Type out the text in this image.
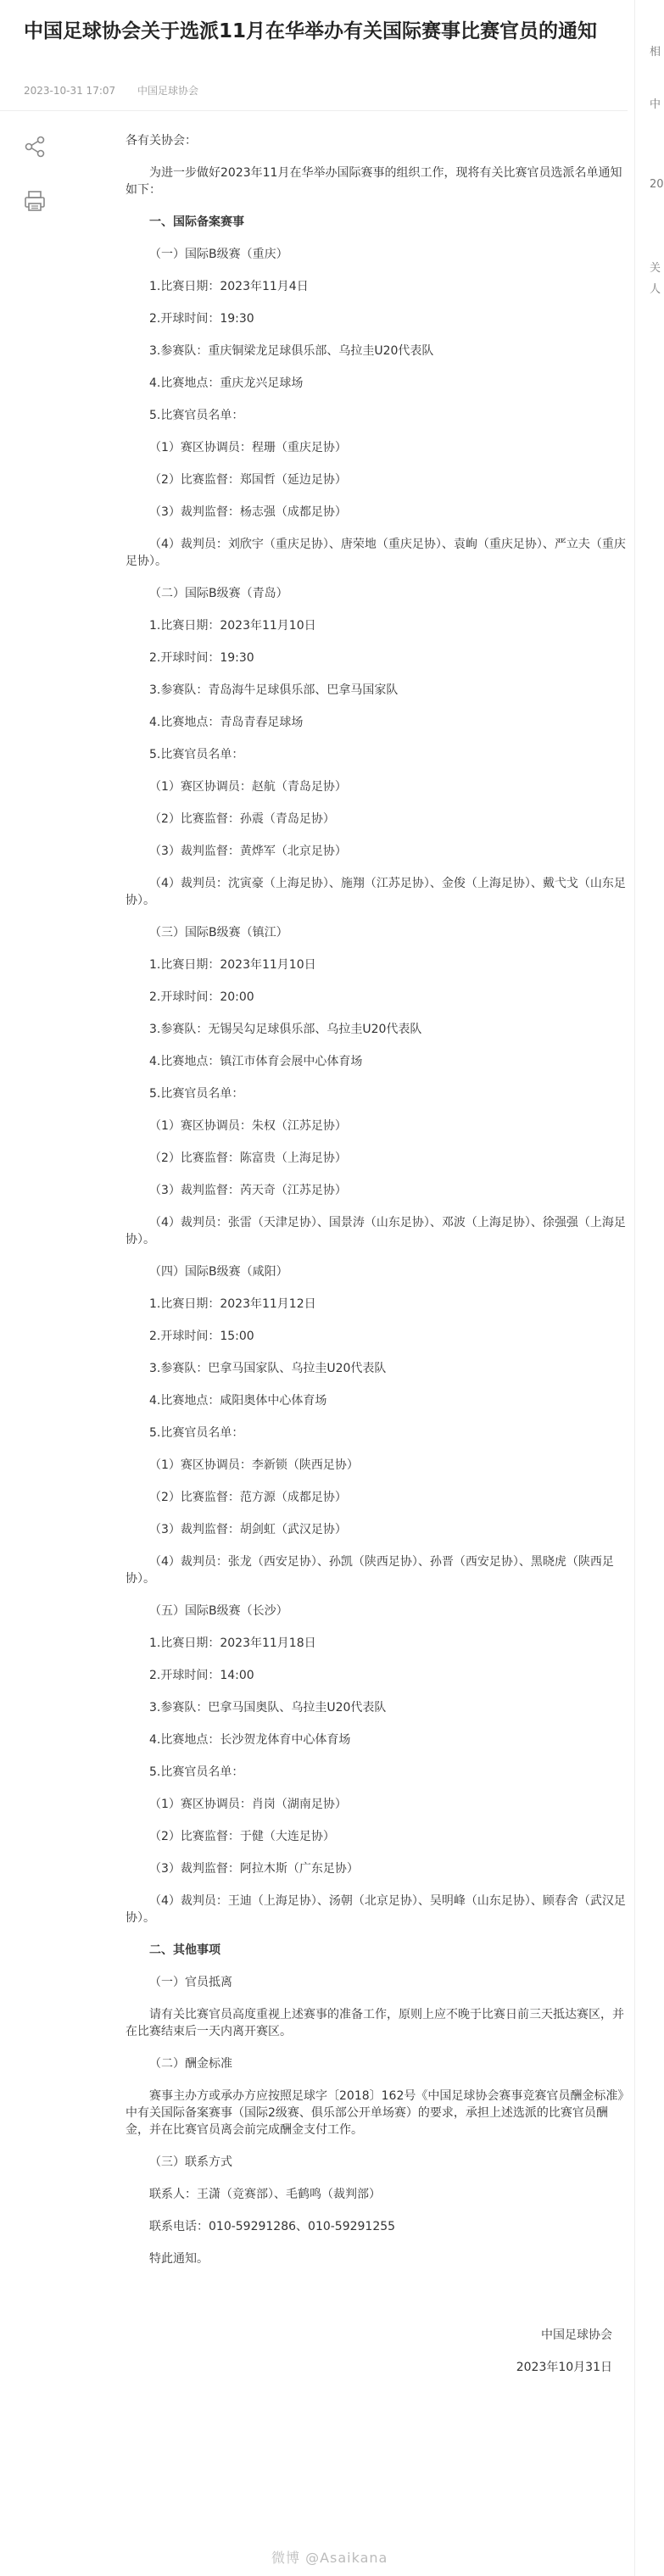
中国足球协会关于选派11月在华举办有关国际赛事比赛官员的通知
2023-10-31 17:07 中国足球协会
相
中
20
关
人

各有关协会：

为进一步做好2023年11月在华举办国际赛事的组织工作，现将有关比赛官员选派名单通知如下：

一、国际备案赛事

（一）国际B级赛（重庆）

1.比赛日期：2023年11月4日

2.开球时间：19:30

3.参赛队：重庆铜梁龙足球俱乐部、乌拉圭U20代表队

4.比赛地点：重庆龙兴足球场

5.比赛官员名单：

（1）赛区协调员：程珊（重庆足协）

（2）比赛监督：郑国哲（延边足协）

（3）裁判监督：杨志强（成都足协）

（4）裁判员：刘欣宇（重庆足协）、唐荣地（重庆足协）、袁峋（重庆足协）、严立夫（重庆足协）。

（二）国际B级赛（青岛）

1.比赛日期：2023年11月10日

2.开球时间：19:30

3.参赛队：青岛海牛足球俱乐部、巴拿马国家队

4.比赛地点：青岛青春足球场

5.比赛官员名单：

（1）赛区协调员：赵航（青岛足协）

（2）比赛监督：孙震（青岛足协）

（3）裁判监督：黄烨军（北京足协）

（4）裁判员：沈寅豪（上海足协）、施翔（江苏足协）、金俊（上海足协）、戴弋戈（山东足协）。

（三）国际B级赛（镇江）

1.比赛日期：2023年11月10日

2.开球时间：20:00

3.参赛队：无锡吴勾足球俱乐部、乌拉圭U20代表队

4.比赛地点：镇江市体育会展中心体育场

5.比赛官员名单：

（1）赛区协调员：朱权（江苏足协）

（2）比赛监督：陈富贵（上海足协）

（3）裁判监督：芮天奇（江苏足协）

（4）裁判员：张雷（天津足协）、国景涛（山东足协）、邓波（上海足协）、徐强强（上海足协）。

（四）国际B级赛（咸阳）

1.比赛日期：2023年11月12日

2.开球时间：15:00

3.参赛队：巴拿马国家队、乌拉圭U20代表队

4.比赛地点：咸阳奥体中心体育场

5.比赛官员名单：

（1）赛区协调员：李新锁（陕西足协）

（2）比赛监督：范方源（成都足协）

（3）裁判监督：胡剑虹（武汉足协）

（4）裁判员：张龙（西安足协）、孙凯（陕西足协）、孙晋（西安足协）、黑晓虎（陕西足协）。

（五）国际B级赛（长沙）

1.比赛日期：2023年11月18日

2.开球时间：14:00

3.参赛队：巴拿马国奥队、乌拉圭U20代表队

4.比赛地点：长沙贺龙体育中心体育场

5.比赛官员名单：

（1）赛区协调员：肖岗（湖南足协）

（2）比赛监督：于健（大连足协）

（3）裁判监督：阿拉木斯（广东足协）

（4）裁判员：王迪（上海足协）、汤朝（北京足协）、吴明峰（山东足协）、顾春舍（武汉足协）。

二、其他事项

（一）官员抵离

请有关比赛官员高度重视上述赛事的准备工作，原则上应不晚于比赛日前三天抵达赛区，并在比赛结束后一天内离开赛区。

（二）酬金标准

赛事主办方或承办方应按照足球字〔2018〕162号《中国足球协会赛事竞赛官员酬金标准》中有关国际备案赛事（国际2级赛、俱乐部公开单场赛）的要求，承担上述选派的比赛官员酬金，并在比赛官员离会前完成酬金支付工作。

（三）联系方式

联系人：王潇（竞赛部）、毛鹤鸣（裁判部）

联系电话：010-59291286、010-59291255

特此通知。

中国足球协会

2023年10月31日

微博 @Asaikana
